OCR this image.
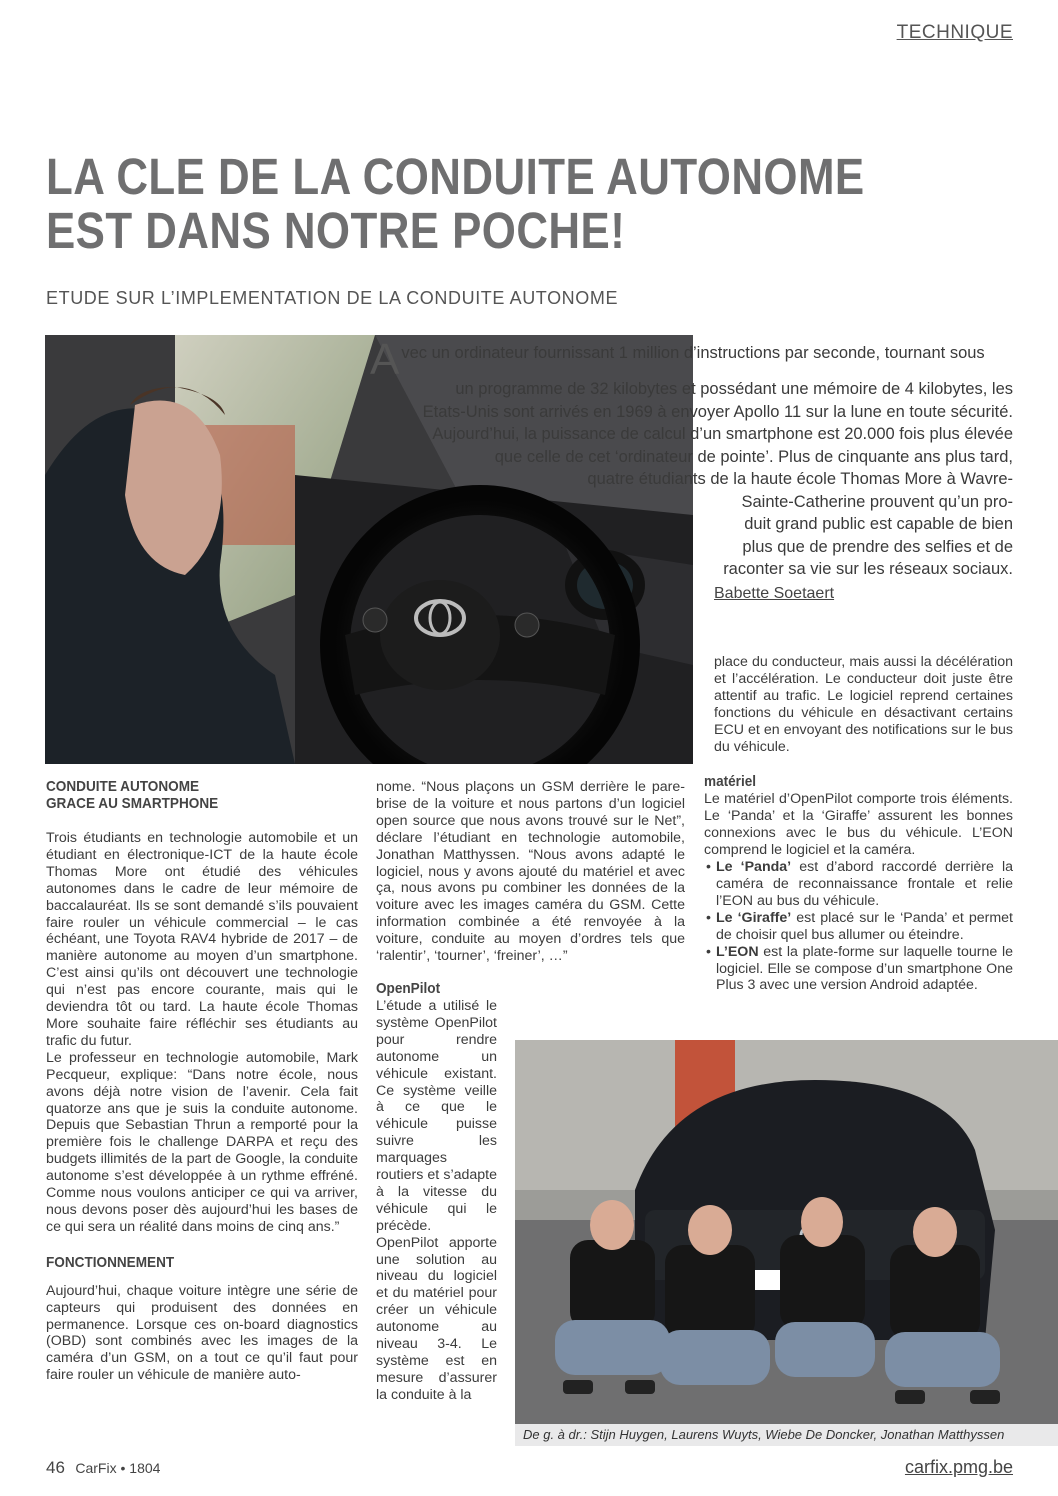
TECHNIQUE
LA CLE DE LA CONDUITE AUTONOME
EST DANS NOTRE POCHE!
ETUDE SUR L’IMPLEMENTATION DE LA CONDUITE AUTONOME
Avec un ordinateur fournissant 1 million d’instructions par seconde, tournant sous
un programme de 32 kilobytes et possédant une mémoire de 4 kilobytes, les
Etats-Unis sont arrivés en 1969 à envoyer Apollo 11 sur la lune en toute sécurité.
Aujourd’hui, la puissance de calcul d’un smartphone est 20.000 fois plus élevée
que celle de cet ‘ordinateur de pointe’. Plus de cinquante ans plus tard,
quatre étudiants de la haute école Thomas More à Wavre-
Sainte-Catherine prouvent qu’un pro-
duit grand public est capable de bien
plus que de prendre des selfies et de
raconter sa vie sur les réseaux sociaux.
Babette Soetaert
CONDUITE AUTONOME
GRACE AU SMARTPHONE

Trois étudiants en technologie automobile et un étudiant en électronique-ICT de la haute école Thomas More ont étudié des véhicules autonomes dans le cadre de leur mémoire de baccalauréat. Ils se sont demandé s’ils pouvaient faire rouler un véhicule commercial – le cas échéant, une Toyota RAV4 hybride de 2017 – de manière autonome au moyen d’un smartphone. C’est ainsi qu’ils ont découvert une technologie qui n’est pas encore courante, mais qui le deviendra tôt ou tard. La haute école Thomas More souhaite faire réfléchir ses étudiants au trafic du futur.

Le professeur en technologie automobile, Mark Pecqueur, explique: “Dans notre école, nous avons déjà notre vision de l’avenir. Cela fait quatorze ans que je suis la conduite autonome. Depuis que Sebastian Thrun a remporté pour la première fois le challenge DARPA et reçu des budgets illimités de la part de Google, la conduite autonome s’est développée à un rythme effréné. Comme nous voulons anticiper ce qui va arriver, nous devons poser dès aujourd’hui les bases de ce qui sera un réalité dans moins de cinq ans.”

FONCTIONNEMENT

Aujourd’hui, chaque voiture intègre une série de capteurs qui produisent des données en permanence. Lorsque ces on-board diagnostics (OBD) sont combinés avec les images de la caméra d’un GSM, on a tout ce qu’il faut pour faire rouler un véhicule de manière auto-

nome. “Nous plaçons un GSM derrière le pare-brise de la voiture et nous partons d’un logiciel open source que nous avons trouvé sur le Net”, déclare l’étudiant en technologie automobile, Jonathan Matthyssen. “Nous avons adapté le logiciel, nous y avons ajouté du matériel et avec ça, nous avons pu combiner les données de la voiture avec les images caméra du GSM. Cette information combinée a été renvoyée à la voiture, conduite au moyen d’ordres tels que ‘ralentir’, ‘tourner’, ‘freiner’, …”

OpenPilot

L’étude a utilisé le système OpenPilot pour rendre autonome un véhicule existant. Ce système veille à ce que le véhicule puisse suivre les marquages routiers et s’adapte à la vitesse du véhicule qui le précède. OpenPilot apporte une solution au niveau du logiciel et du matériel pour créer un véhicule autonome au niveau 3-4. Le système est en mesure d’assurer la conduite à la

place du conducteur, mais aussi la décélération et l’accélération. Le conducteur doit juste être attentif au trafic. Le logiciel reprend certaines fonctions du véhicule en désactivant certains ECU et en envoyant des notifications sur le bus du véhicule.

matériel

Le matériel d’OpenPilot comporte trois éléments. Le ‘Panda’ et la ‘Giraffe’ assurent les bonnes connexions avec le bus du véhicule. L’EON comprend le logiciel et la caméra.

• Le ‘Panda’ est d’abord raccordé derrière la caméra de reconnaissance frontale et relie l’EON au bus du véhicule.
• Le ‘Giraffe’ est placé sur le ‘Panda’ et permet de choisir quel bus allumer ou éteindre.
• L’EON est la plate-forme sur laquelle tourne le logiciel. Elle se compose d’un smartphone One Plus 3 avec une version Android adaptée.
De g. à dr.: Stijn Huygen, Laurens Wuyts, Wiebe De Doncker, Jonathan Matthyssen
46 CarFix • 1804	carfix.pmg.be
